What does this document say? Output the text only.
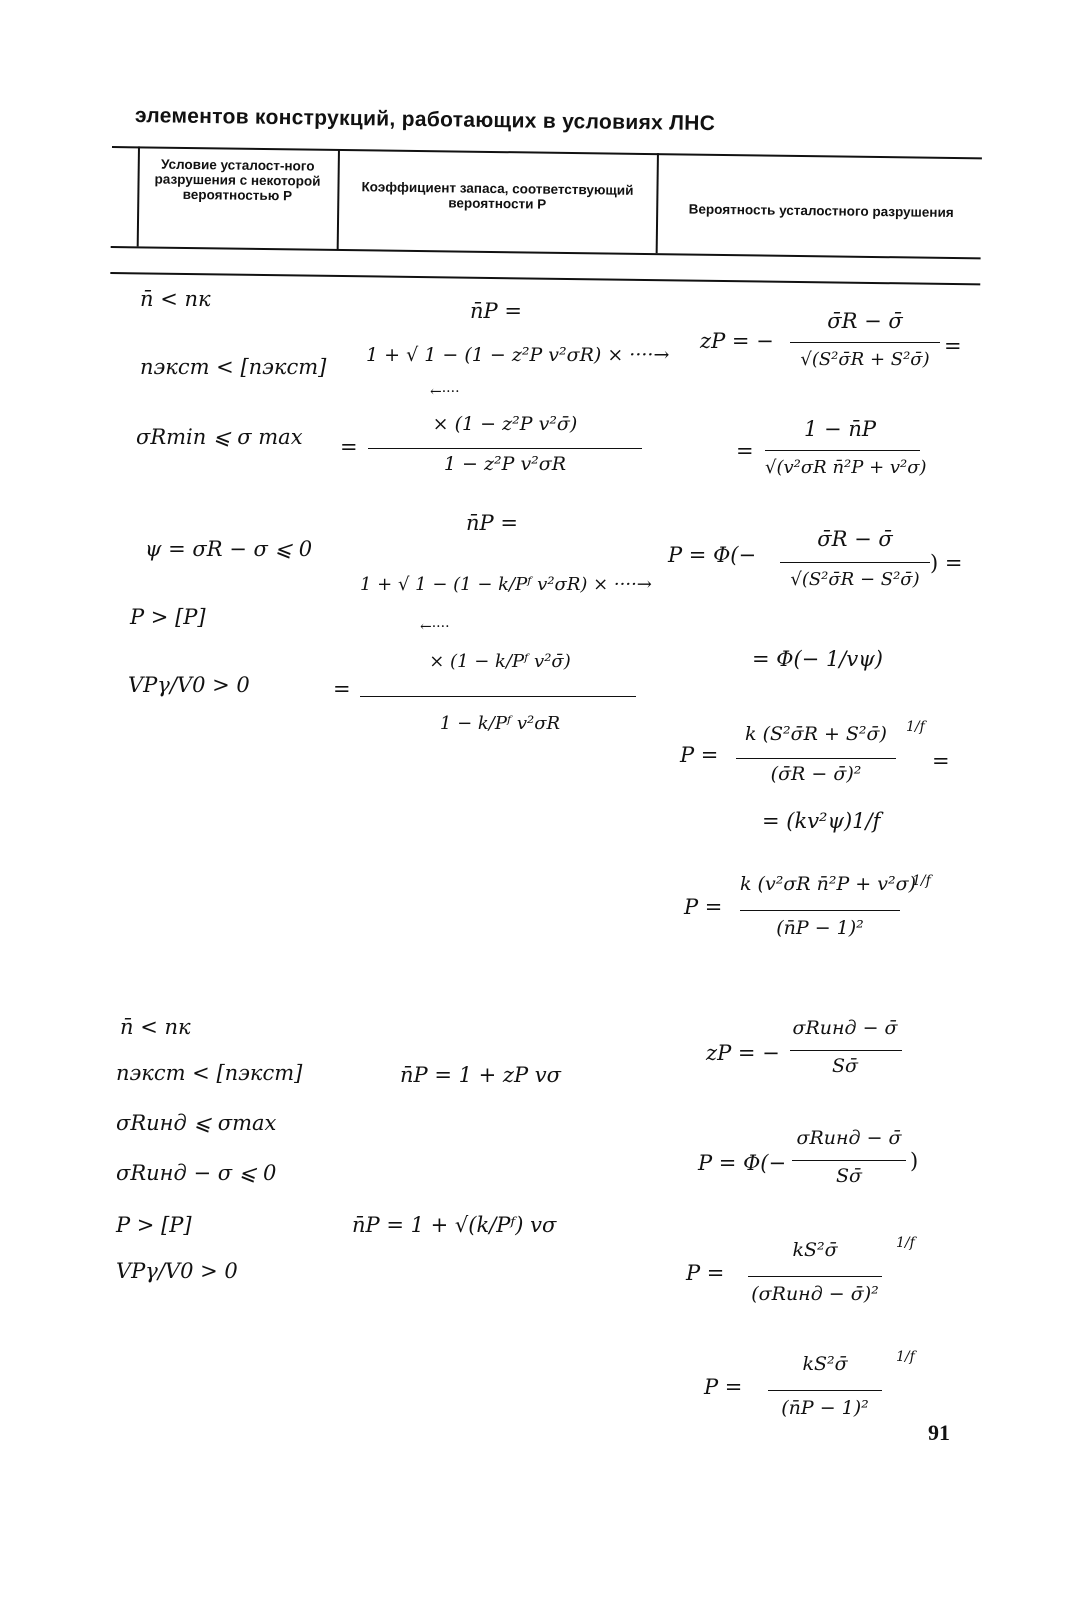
элементов конструкций, работающих в условиях ЛНС
Условие усталост-ного разрушения с некоторой вероятностью P	Коэффициент запаса, соответствующий вероятности P	Вероятность усталостного разрушения
n̄ < nк
nэкст < [nэкст]
σRmin ⩽ σ max
n̄P =
1 + √ 1 − (1 − z²P v²σR) × ····→
←····
=
× (1 − z²P v²σ̄)
1 − z²P v²σR
zP = −
σ̄R − σ̄
√(S²σ̄R + S²σ̄)
=
=
1 − n̄P
√(v²σR n̄²P + v²σ)
ψ = σR − σ ⩽ 0
P > [P]
VPγ/V0 > 0
n̄P =
1 + √ 1 − (1 − k/Pᶠ v²σR) × ····→
←····
=
× (1 − k/Pᶠ v²σ̄)
1 − k/Pᶠ v²σR
P = Φ(−
σ̄R − σ̄
√(S²σ̄R − S²σ̄)
) =
= Φ(− 1/vψ)
P =
k (S²σ̄R + S²σ̄)
(σ̄R − σ̄)²
1/f
=
= (kv²ψ)1/f
P =
k (v²σR n̄²P + v²σ)
(n̄P − 1)²
1/f
n̄ < nк
nэкст < [nэкст]
σRинд ⩽ σmax
σRинд − σ ⩽ 0
P > [P]
VPγ/V0 > 0
n̄P = 1 + zP vσ
n̄P = 1 + √(k/Pᶠ) vσ
zP = −
σRинд − σ̄
Sσ̄
P = Φ(−
σRинд − σ̄
Sσ̄
)
P =
kS²σ̄
(σRинд − σ̄)²
1/f
P =
kS²σ̄
(n̄P − 1)²
1/f
91
